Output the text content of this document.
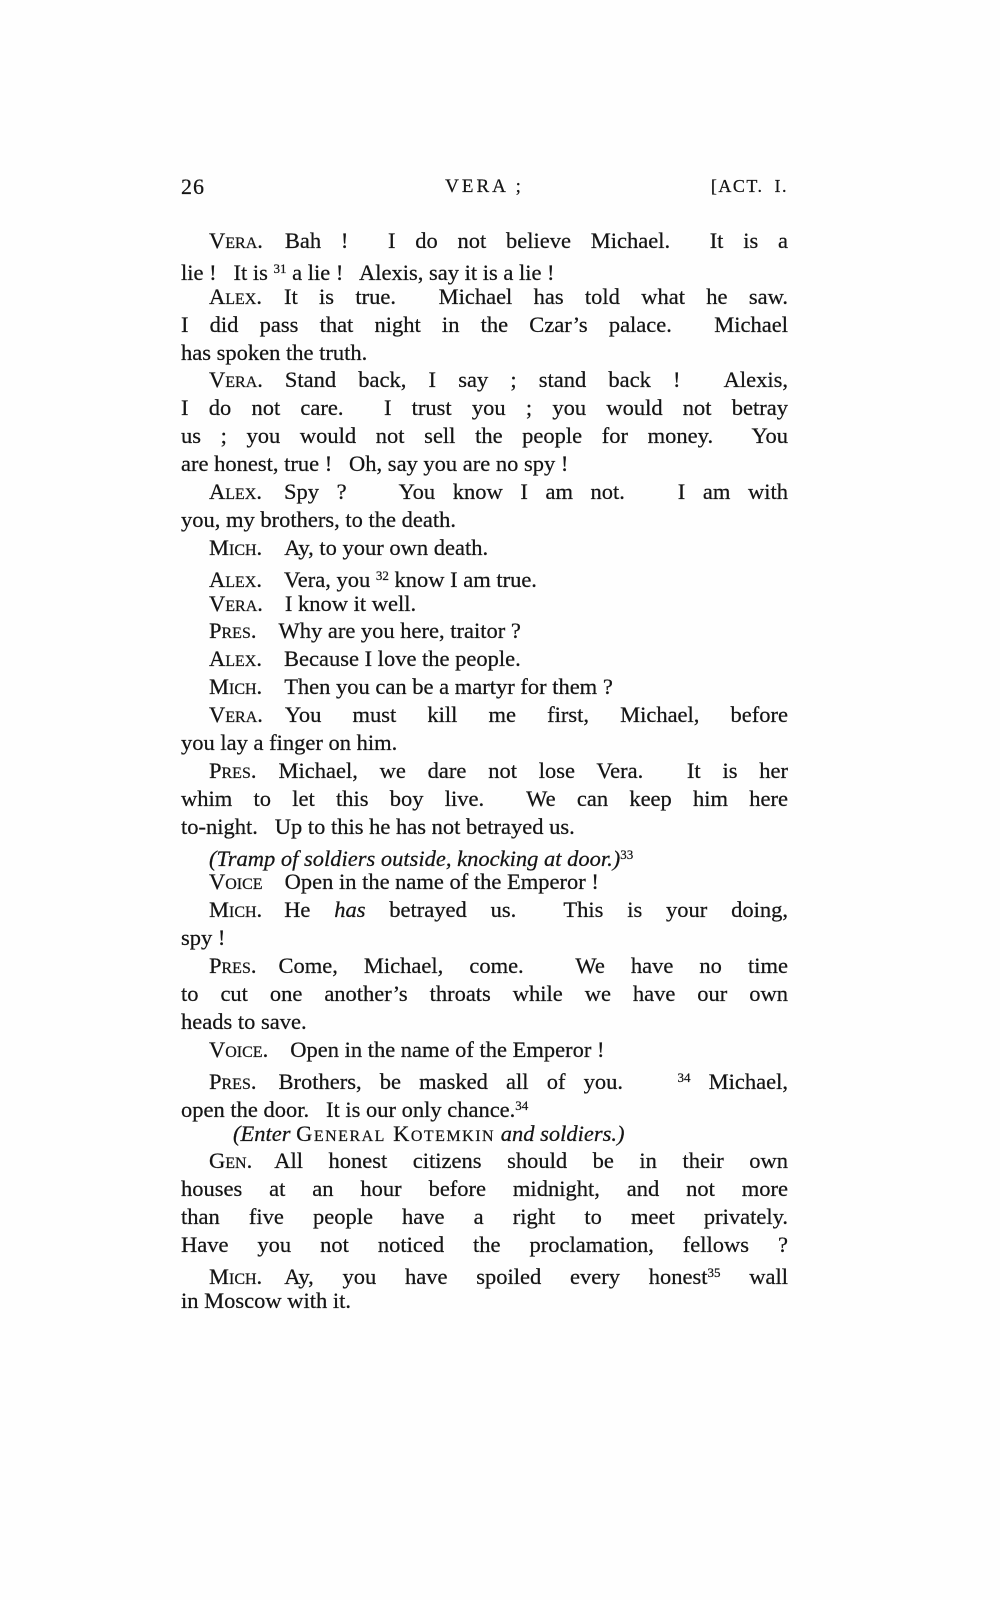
26	VERA ;	[ACT. I.
Vera. Bah !  I do not believe Michael.  It is a
lie !   It is $^{31}$ a lie !   Alexis, say it is a lie !
Alex. It is true.  Michael has told what he saw.
I did pass that night in the Czar’s palace.  Michael
has spoken the truth.
Vera. Stand back, I say ; stand back !  Alexis,
I do not care.  I trust you ; you would not betray
us ; you would not sell the people for money.  You
are honest, true !   Oh, say you are no spy !
Alex. Spy ?   You know I am not.   I am with
you, my brothers, to the death.
Mich. Ay, to your own death.
Alex. Vera, you $^{32}$ know I am true.
Vera. I know it well.
Pres. Why are you here, traitor ?
Alex. Because I love the people.
Mich. Then you can be a martyr for them ?
Vera. You must kill me first, Michael, before
you lay a finger on him.
Pres. Michael, we dare not lose Vera.  It is her
whim to let this boy live.  We can keep him here
to-night.   Up to this he has not betrayed us.
(Tramp of soldiers outside, knocking at door.)$^{33}$
Voice Open in the name of the Emperor !
Mich. He has betrayed us.  This is your doing,
spy !
Pres. Come, Michael, come.  We have no time
to cut one another’s throats while we have our own
heads to save.
Voice. Open in the name of the Emperor !
Pres. Brothers, be masked all of you.   $^{34}$ Michael,
open the door.   It is our only chance.$^{34}$
(Enter General Kotemkin and soldiers.)
Gen. All honest citizens should be in their own
houses at an hour before midnight, and not more
than five people have a right to meet privately.
Have you not noticed the proclamation, fellows ?
Mich. Ay, you have spoiled every honest$^{35}$ wall
in Moscow with it.
